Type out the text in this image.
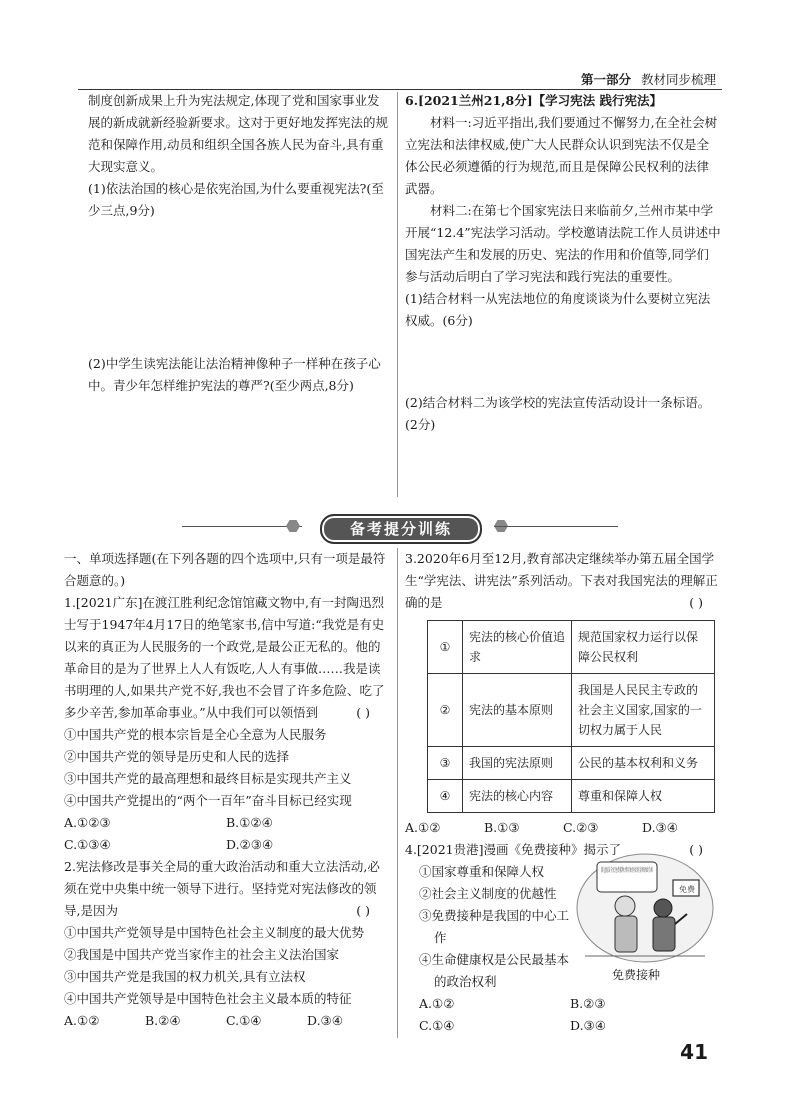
第一部分 教材同步梳理

制度创新成果上升为宪法规定,体现了党和国家事业发展的新成就新经验新要求。这对于更好地发挥宪法的规范和保障作用,动员和组织全国各族人民为奋斗,具有重大现实意义。

(1)依法治国的核心是依宪治国,为什么要重视宪法?(至少三点,9分)

(2)中学生读宪法能让法治精神像种子一样种在孩子心中。青少年怎样维护宪法的尊严?(至少两点,8分)

6.[2021兰州21,8分]【学习宪法 践行宪法】

材料一:习近平指出,我们要通过不懈努力,在全社会树立宪法和法律权威,使广大人民群众认识到宪法不仅是全体公民必须遵循的行为规范,而且是保障公民权利的法律武器。

材料二:在第七个国家宪法日来临前夕,兰州市某中学开展“12.4”宪法学习活动。学校邀请法院工作人员讲述中国宪法产生和发展的历史、宪法的作用和价值等,同学们参与活动后明白了学习宪法和践行宪法的重要性。

(1)结合材料一从宪法地位的角度谈谈为什么要树立宪法权威。(6分)

(2)结合材料二为该学校的宪法宣传活动设计一条标语。(2分)

备考提分训练

一、单项选择题(在下列各题的四个选项中,只有一项是最符合题意的。)

1.[2021广东]在渡江胜利纪念馆馆藏文物中,有一封陶迅烈士写于1947年4月17日的绝笔家书,信中写道:“我党是有史以来的真正为人民服务的一个政党,是最公正无私的。他的革命目的是为了世界上人人有饭吃,人人有事做……我是读书明理的人,如果共产党不好,我也不会冒了许多危险、吃了多少辛苦,参加革命事业。”从中我们可以领悟到	( )

①中国共产党的根本宗旨是全心全意为人民服务

②中国共产党的领导是历史和人民的选择

③中国共产党的最高理想和最终目标是实现共产主义

④中国共产党提出的“两个一百年”奋斗目标已经实现

A.①②③	B.①②④
C.①③④	D.②③④

2.宪法修改是事关全局的重大政治活动和重大立法活动,必须在党中央集中统一领导下进行。坚持党对宪法修改的领导,是因为	( )

①中国共产党领导是中国特色社会主义制度的最大优势

②我国是中国共产党当家作主的社会主义法治国家

③中国共产党是我国的权力机关,具有立法权

④中国共产党领导是中国特色社会主义最本质的特征

A.①②	B.②④	C.①④	D.③④

3.2020年6月至12月,教育部决定继续举办第五届全国学生“学宪法、讲宪法”系列活动。下表对我国宪法的理解正确的是	( )

①	宪法的核心价值追求	规范国家权力运行以保障公民权利
②	宪法的基本原则	我国是人民民主专政的社会主义国家,国家的一切权力属于人民
③	我国的宪法原则	公民的基本权利和义务
④	宪法的核心内容	尊重和保障人权
A.①②	B.①③	C.②③	D.③④

4.[2021贵港]漫画《免费接种》揭示了	( )

①国家尊重和保障人权

②社会主义制度的优越性

③免费接种是我国的中心工作

④生命健康权是公民最基本的政治权利

A.①②	B.②③
C.①④	D.③④
免费
免费接种
41
